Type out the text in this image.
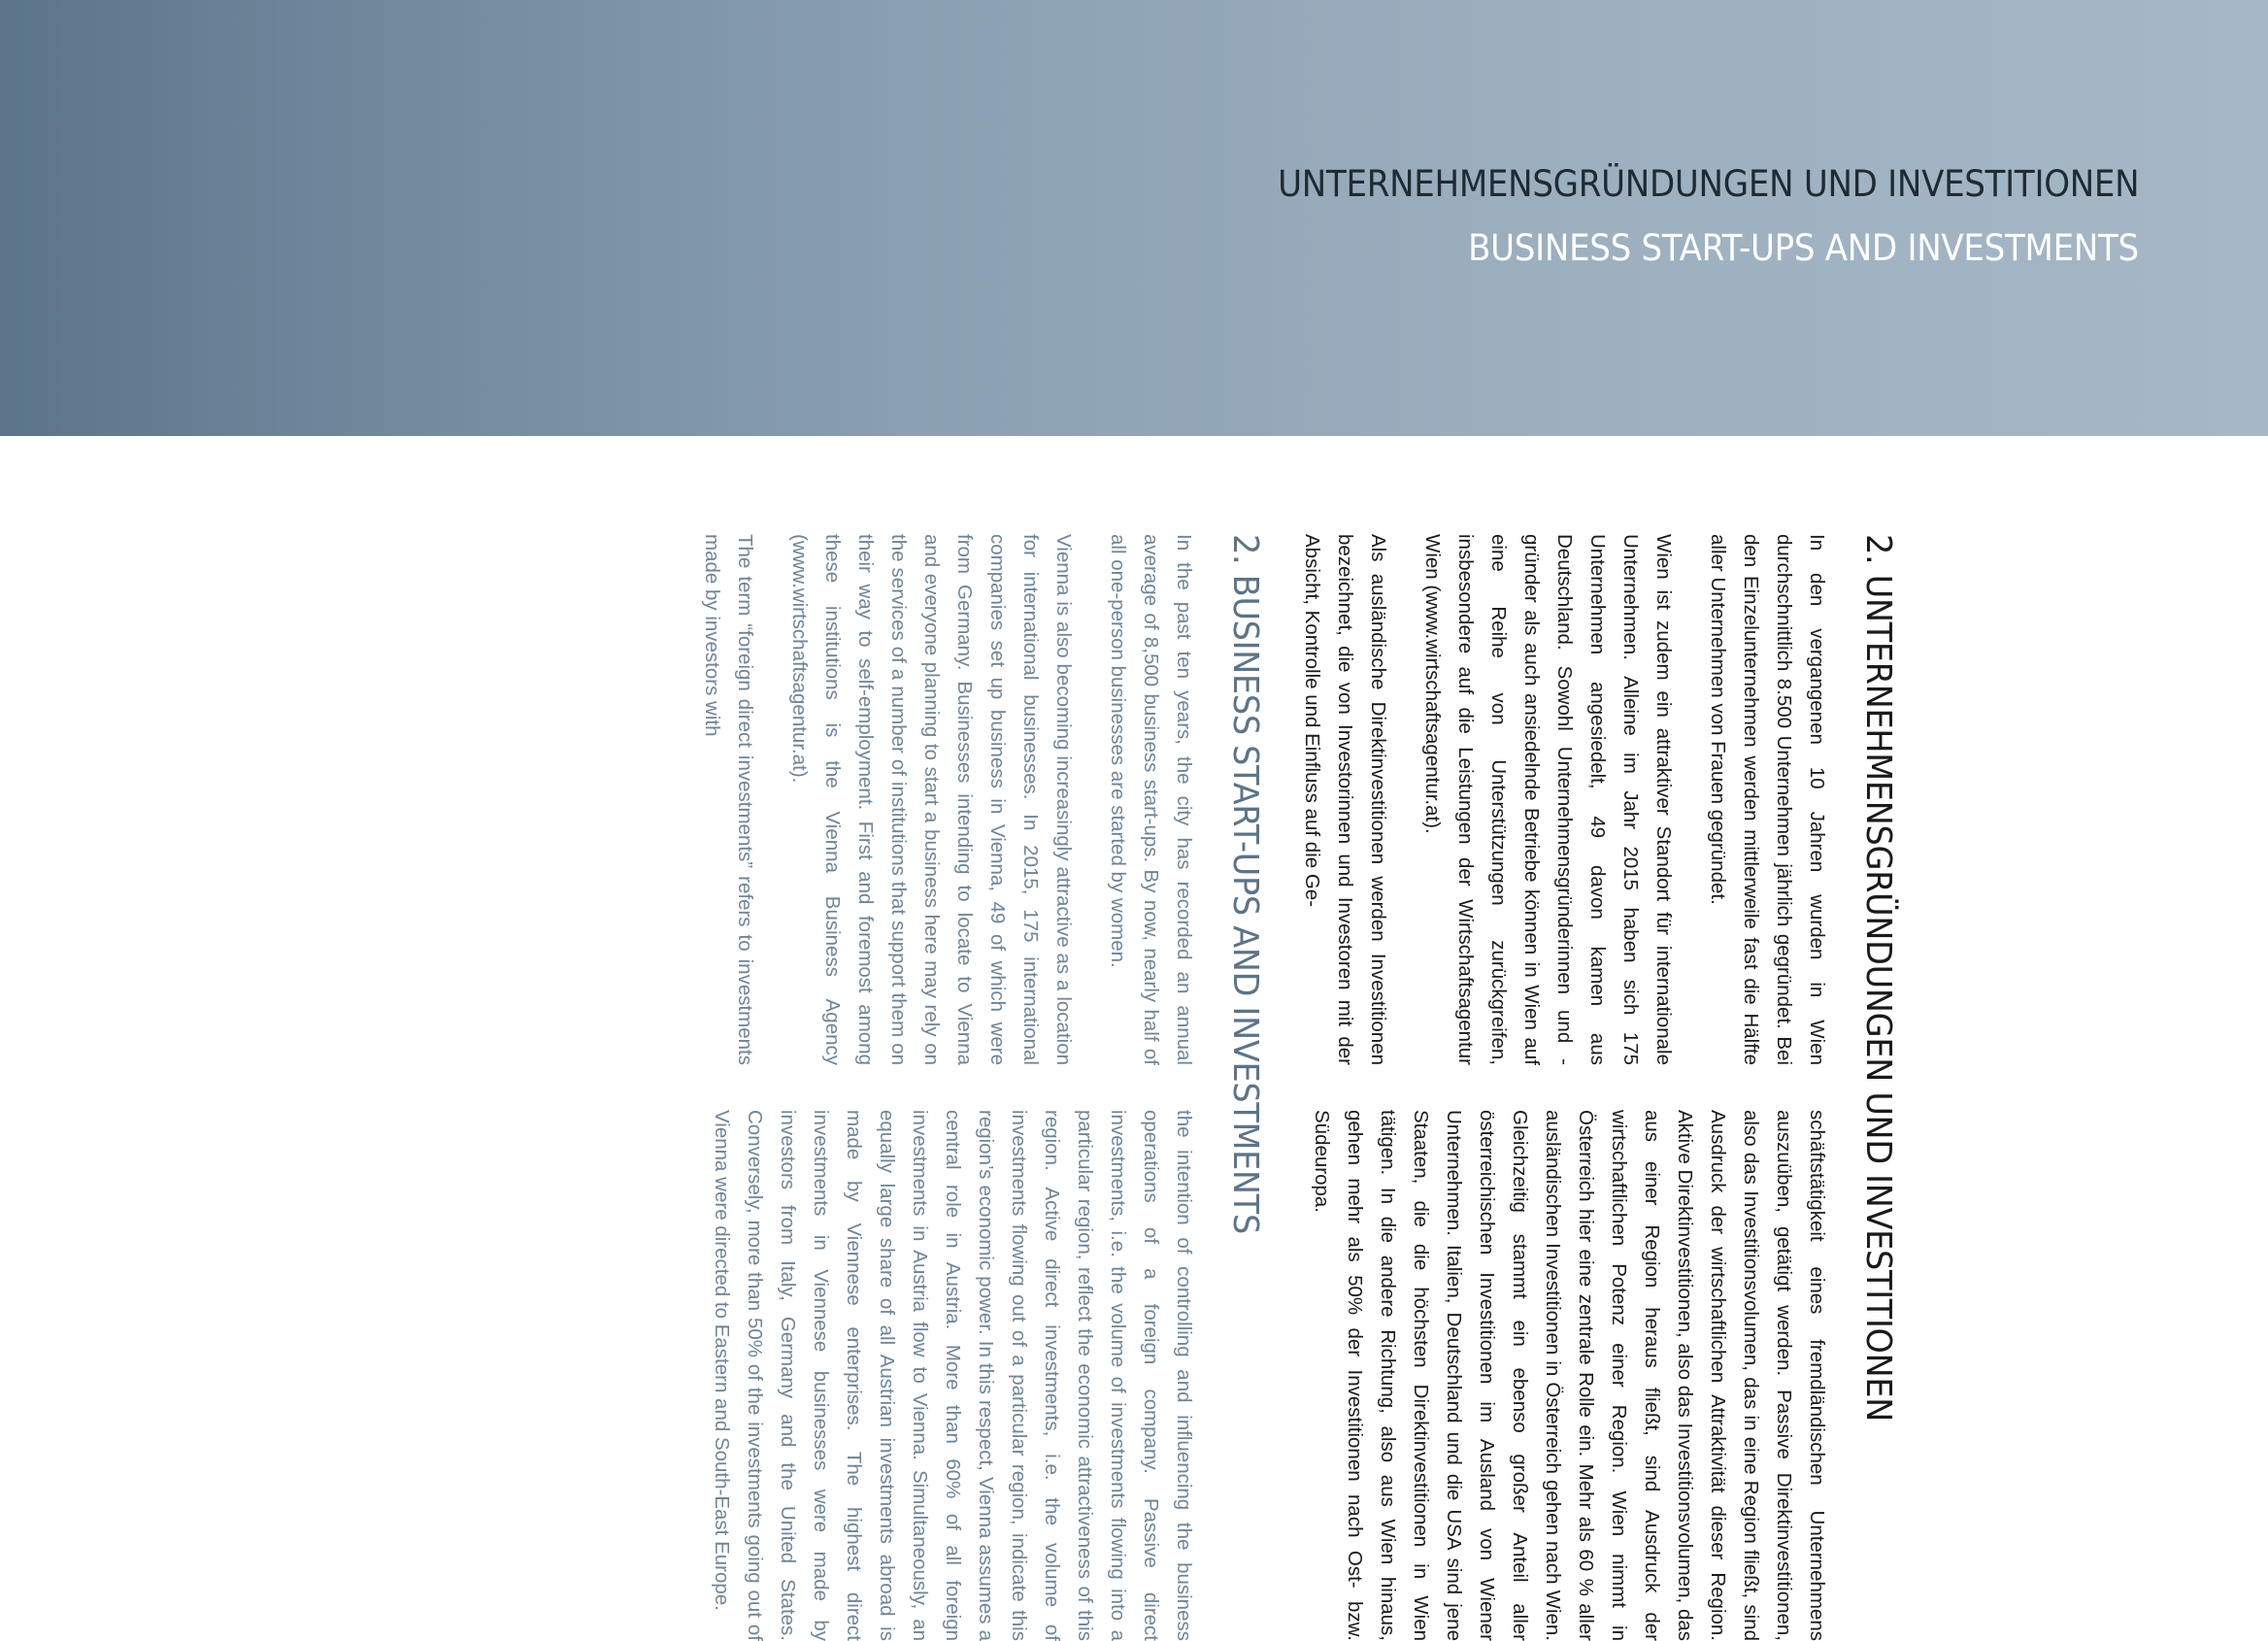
UNTERNEHMENSGRÜNDUNGEN UND INVESTITIONEN
BUSINESS START-UPS AND INVESTMENTS
2. UNTERNEHMENSGRÜNDUNGEN UND INVESTITIONEN

In den vergangenen 10 Jahren wurden in Wien durchschnittlich 8.500 Unternehmen jährlich gegründet. Bei den Einzelunternehmen werden mittlerweile fast die Hälfte aller Unternehmen von Frauen gegründet.

Wien ist zudem ein attraktiver Standort für internationale Unternehmen. Alleine im Jahr 2015 haben sich 175 Unternehmen angesiedelt, 49 davon kamen aus Deutschland. Sowohl Unternehmensgründerinnen und -gründer als auch ansiedelnde Betriebe können in Wien auf eine Reihe von Unterstützungen zurückgreifen, insbesondere auf die Leistungen der Wirtschaftsagentur Wien (www.wirtschaftsagentur.at).

Als ausländische Direktinvestitionen werden Investitionen bezeichnet, die von Investorinnen und Investoren mit der Absicht, Kontrolle und Einfluss auf die Ge-

schäftstätigkeit eines fremdländischen Unternehmens auszuüben, getätigt werden. Passive Direktinvestitionen, also das Investitionsvolumen, das in eine Region fließt, sind Ausdruck der wirtschaftlichen Attraktivität dieser Region. Aktive Direktinvestitionen, also das Investitionsvolumen, das aus einer Region heraus fließt, sind Ausdruck der wirtschaftlichen Potenz einer Region. Wien nimmt in Österreich hier eine zentrale Rolle ein. Mehr als 60 % aller ausländischen Investitionen in Österreich gehen nach Wien. Gleichzeitig stammt ein ebenso großer Anteil aller österreichischen Investitionen im Ausland von Wiener Unternehmen. Italien, Deutschland und die USA sind jene Staaten, die die höchsten Direktinvestitionen in Wien tätigen. In die andere Richtung, also aus Wien hinaus, gehen mehr als 50% der Investitionen nach Ost- bzw. Südeuropa.

2. BUSINESS START-UPS AND INVESTMENTS

In the past ten years, the city has recorded an annual average of 8,500 business start-ups. By now, nearly half of all one-person businesses are started by women.

Vienna is also becoming increasingly attractive as a location for international businesses. In 2015, 175 international companies set up business in Vienna, 49 of which were from Germany. Businesses intending to locate to Vienna and everyone planning to start a business here may rely on the services of a number of institutions that support them on their way to self-employment. First and foremost among these institutions is the Vienna Business Agency (www.wirtschaftsagentur.at).

The term “foreign direct investments” refers to investments made by investors with

the intention of controlling and influencing the business operations of a foreign company. Passive direct investments, i.e. the volume of investments flowing into a particular region, reflect the economic attractiveness of this region. Active direct investments, i.e. the volume of investments flowing out of a particular region, indicate this region’s economic power. In this respect, Vienna assumes a central role in Austria. More than 60% of all foreign investments in Austria flow to Vienna. Simultaneously, an equally large share of all Austrian investments abroad is made by Viennese enterprises. The highest direct investments in Viennese businesses were made by investors from Italy, Germany and the United States. Conversely, more than 50% of the investments going out of Vienna were directed to Eastern and South-East Europe.
